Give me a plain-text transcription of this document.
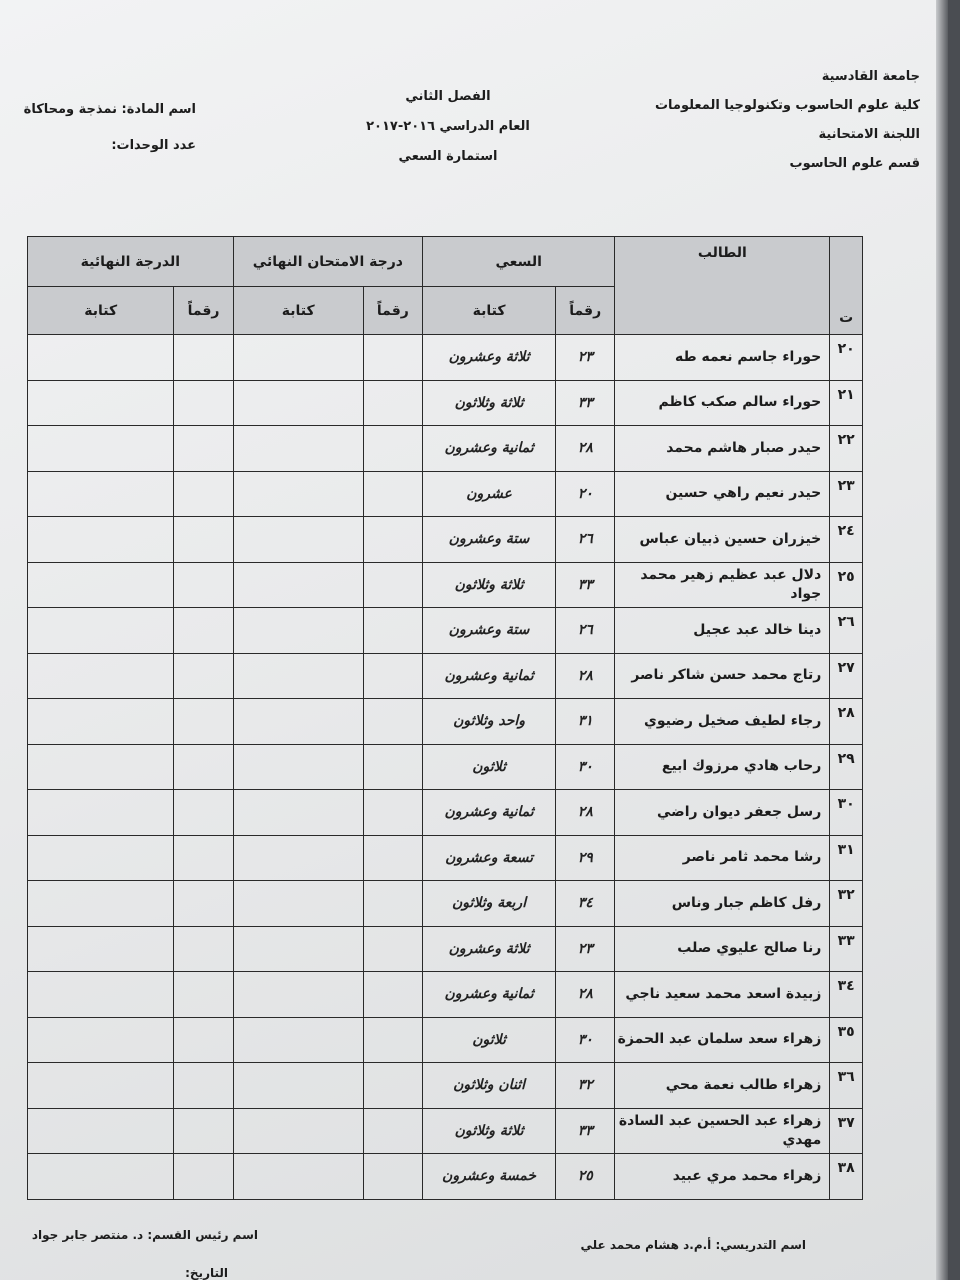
جامعة القادسية
كلية علوم الحاسوب وتكنولوجيا المعلومات
اللجنة الامتحانية
قسم علوم الحاسوب
الفصل الثاني
العام الدراسي ٢٠١٦-٢٠١٧
استمارة السعي
اسم المادة: نمذجة ومحاكاة
عدد الوحدات:
ت	الطالب	السعي		درجة الامتحان النهائي		الدرجة النهائية	
		رقماً	كتابة	رقماً	كتابة	رقماً	كتابة
٢٠	حوراء جاسم نعمه طه	٢٣	ثلاثة وعشرون				
٢١	حوراء سالم صكب كاظم	٣٣	ثلاثة وثلاثون				
٢٢	حيدر صبار هاشم محمد	٢٨	ثمانية وعشرون				
٢٣	حيدر نعيم راهي حسين	٢٠	عشرون				
٢٤	خيزران حسين ذبيان عباس	٢٦	ستة وعشرون				
٢٥	دلال عبد عظيم زهير محمد جواد	٣٣	ثلاثة وثلاثون				
٢٦	دينا خالد عبد عجيل	٢٦	ستة وعشرون				
٢٧	رتاج محمد حسن شاكر ناصر	٢٨	ثمانية وعشرون				
٢٨	رجاء لطيف صخيل رضيوي	٣١	واحد وثلاثون				
٢٩	رحاب هادي مرزوك ابيع	٣٠	ثلاثون				
٣٠	رسل جعفر ديوان راضي	٢٨	ثمانية وعشرون				
٣١	رشا محمد ثامر ناصر	٢٩	تسعة وعشرون				
٣٢	رفل كاظم جبار وناس	٣٤	اربعة وثلاثون				
٣٣	رنا صالح عليوي صلب	٢٣	ثلاثة وعشرون				
٣٤	زبيدة اسعد محمد سعيد ناجي	٢٨	ثمانية وعشرون				
٣٥	زهراء سعد سلمان عبد الحمزة	٣٠	ثلاثون				
٣٦	زهراء طالب نعمة محي	٣٢	اثنان وثلاثون				
٣٧	زهراء عبد الحسين عبد السادة مهدي	٣٣	ثلاثة وثلاثون				
٣٨	زهراء محمد مري عبيد	٢٥	خمسة وعشرون				
اسم التدريسي: أ.م.د هشام محمد علي
اسم رئيس القسم: د. منتصر جابر جواد
التاريخ:
